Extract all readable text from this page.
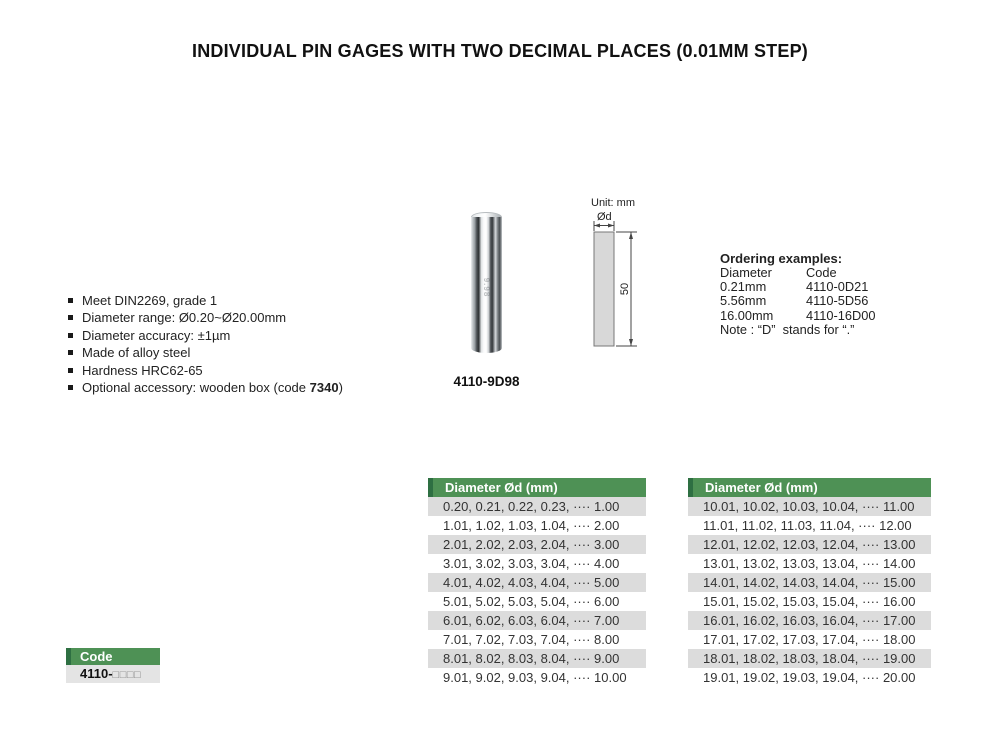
INDIVIDUAL PIN GAGES WITH TWO DECIMAL PLACES (0.01MM STEP)
Meet DIN2269, grade 1
Diameter range: Ø0.20~Ø20.00mm
Diameter accuracy: ±1µm
Made of alloy steel
Hardness HRC62-65
Optional accessory: wooden box (code 7340)
9.98
4110-9D98
Unit: mm
Ød
50
Ordering examples:
Diameter	Code
0.21mm	4110-0D21
5.56mm	4110-5D56
16.00mm	4110-16D00
Note : “D”  stands for “.”
Diameter Ød (mm)
0.20, 0.21, 0.22, 0.23, ···· 1.00
1.01, 1.02, 1.03, 1.04, ···· 2.00
2.01, 2.02, 2.03, 2.04, ···· 3.00
3.01, 3.02, 3.03, 3.04, ···· 4.00
4.01, 4.02, 4.03, 4.04, ···· 5.00
5.01, 5.02, 5.03, 5.04, ···· 6.00
6.01, 6.02, 6.03, 6.04, ···· 7.00
7.01, 7.02, 7.03, 7.04, ···· 8.00
8.01, 8.02, 8.03, 8.04, ···· 9.00
9.01, 9.02, 9.03, 9.04, ···· 10.00
Diameter Ød (mm)
10.01, 10.02, 10.03, 10.04, ···· 11.00
11.01, 11.02, 11.03, 11.04, ···· 12.00
12.01, 12.02, 12.03, 12.04, ···· 13.00
13.01, 13.02, 13.03, 13.04, ···· 14.00
14.01, 14.02, 14.03, 14.04, ···· 15.00
15.01, 15.02, 15.03, 15.04, ···· 16.00
16.01, 16.02, 16.03, 16.04, ···· 17.00
17.01, 17.02, 17.03, 17.04, ···· 18.00
18.01, 18.02, 18.03, 18.04, ···· 19.00
19.01, 19.02, 19.03, 19.04, ···· 20.00
Code
4110-□□□□
